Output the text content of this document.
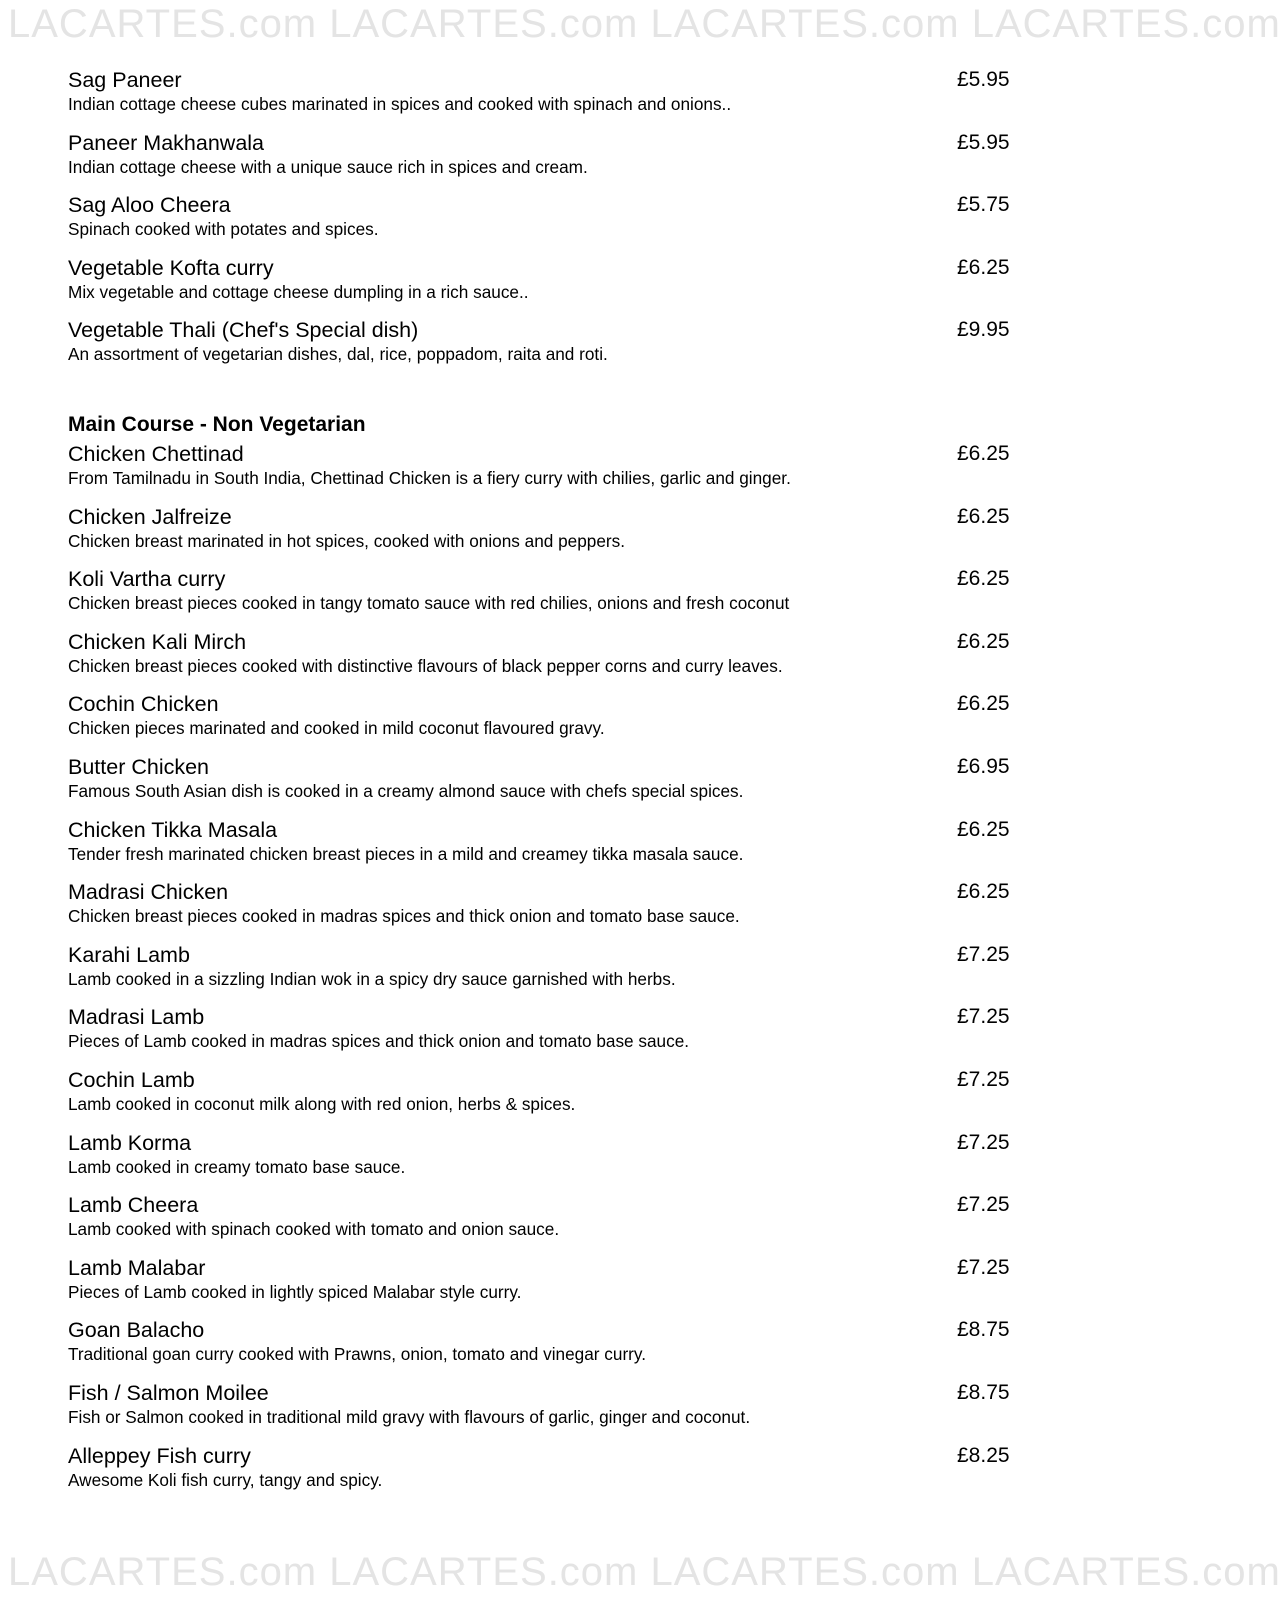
LACARTES.com LACARTES.com LACARTES.com LACARTES.com
Sag Paneer	£5.95
Indian cottage cheese cubes marinated in spices and cooked with spinach and onions..
Paneer Makhanwala	£5.95
Indian cottage cheese with a unique sauce rich in spices and cream.
Sag Aloo Cheera	£5.75
Spinach cooked with potates and spices.
Vegetable Kofta curry	£6.25
Mix vegetable and cottage cheese dumpling in a rich sauce..
Vegetable Thali (Chef's Special dish)	£9.95
An assortment of vegetarian dishes, dal, rice, poppadom, raita and roti.
Main Course - Non Vegetarian
Chicken Chettinad	£6.25
From Tamilnadu in South India, Chettinad Chicken is a fiery curry with chilies, garlic and ginger.
Chicken Jalfreize	£6.25
Chicken breast marinated in hot spices, cooked with onions and peppers.
Koli Vartha curry	£6.25
Chicken breast pieces cooked in tangy tomato sauce with red chilies, onions and fresh coconut
Chicken Kali Mirch	£6.25
Chicken breast pieces cooked with distinctive flavours of black pepper corns and curry leaves.
Cochin Chicken	£6.25
Chicken pieces marinated and cooked in mild coconut flavoured gravy.
Butter Chicken	£6.95
Famous South Asian dish is cooked in a creamy almond sauce with chefs special spices.
Chicken Tikka Masala	£6.25
Tender fresh marinated chicken breast pieces in a mild and creamey tikka masala sauce.
Madrasi Chicken	£6.25
Chicken breast pieces cooked in madras spices and thick onion and tomato base sauce.
Karahi Lamb	£7.25
Lamb cooked in a sizzling Indian wok in a spicy dry sauce garnished with herbs.
Madrasi Lamb	£7.25
Pieces of Lamb cooked in madras spices and thick onion and tomato base sauce.
Cochin Lamb	£7.25
Lamb cooked in coconut milk along with red onion, herbs & spices.
Lamb Korma	£7.25
Lamb cooked in creamy tomato base sauce.
Lamb Cheera	£7.25
Lamb cooked with spinach cooked with tomato and onion sauce.
Lamb Malabar	£7.25
Pieces of Lamb cooked in lightly spiced Malabar style curry.
Goan Balacho	£8.75
Traditional goan curry cooked with Prawns, onion, tomato and vinegar curry.
Fish / Salmon Moilee	£8.75
Fish or Salmon cooked in traditional mild gravy with flavours of garlic, ginger and coconut.
Alleppey Fish curry	£8.25
Awesome Koli fish curry, tangy and spicy.
LACARTES.com LACARTES.com LACARTES.com LACARTES.com
